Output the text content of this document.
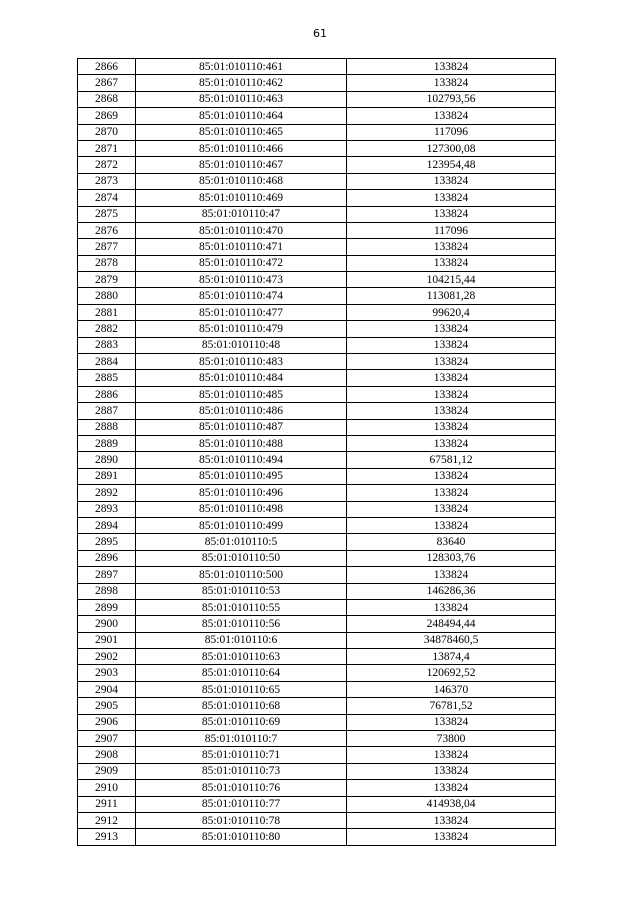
61
2866	85:01:010110:461	133824
2867	85:01:010110:462	133824
2868	85:01:010110:463	102793,56
2869	85:01:010110:464	133824
2870	85:01:010110:465	117096
2871	85:01:010110:466	127300,08
2872	85:01:010110:467	123954,48
2873	85:01:010110:468	133824
2874	85:01:010110:469	133824
2875	85:01:010110:47	133824
2876	85:01:010110:470	117096
2877	85:01:010110:471	133824
2878	85:01:010110:472	133824
2879	85:01:010110:473	104215,44
2880	85:01:010110:474	113081,28
2881	85:01:010110:477	99620,4
2882	85:01:010110:479	133824
2883	85:01:010110:48	133824
2884	85:01:010110:483	133824
2885	85:01:010110:484	133824
2886	85:01:010110:485	133824
2887	85:01:010110:486	133824
2888	85:01:010110:487	133824
2889	85:01:010110:488	133824
2890	85:01:010110:494	67581,12
2891	85:01:010110:495	133824
2892	85:01:010110:496	133824
2893	85:01:010110:498	133824
2894	85:01:010110:499	133824
2895	85:01:010110:5	83640
2896	85:01:010110:50	128303,76
2897	85:01:010110:500	133824
2898	85:01:010110:53	146286,36
2899	85:01:010110:55	133824
2900	85:01:010110:56	248494,44
2901	85:01:010110:6	34878460,5
2902	85:01:010110:63	13874,4
2903	85:01:010110:64	120692,52
2904	85:01:010110:65	146370
2905	85:01:010110:68	76781,52
2906	85:01:010110:69	133824
2907	85:01:010110:7	73800
2908	85:01:010110:71	133824
2909	85:01:010110:73	133824
2910	85:01:010110:76	133824
2911	85:01:010110:77	414938,04
2912	85:01:010110:78	133824
2913	85:01:010110:80	133824
